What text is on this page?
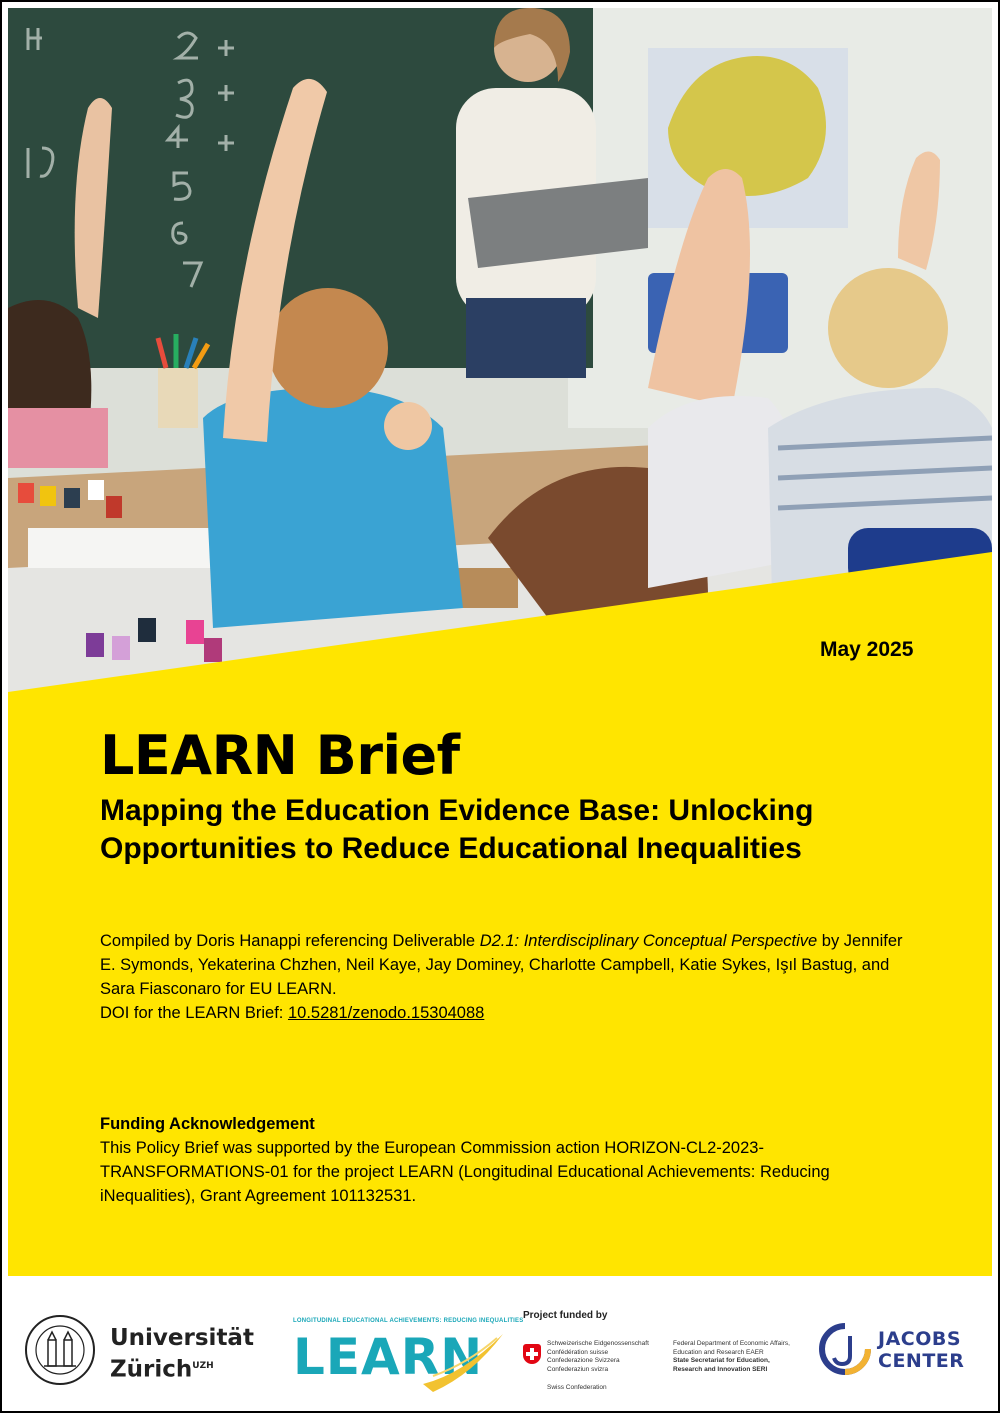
May 2025
LEARN Brief
Mapping the Education Evidence Base: Unlocking Opportunities to Reduce Educational Inequalities
Compiled by Doris Hanappi referencing Deliverable D2.1: Interdisciplinary Conceptual Perspective by Jennifer E. Symonds, Yekaterina Chzhen, Neil Kaye, Jay Dominey, Charlotte Campbell, Katie Sykes, Işıl Bastug, and Sara Fiasconaro for EU LEARN.
DOI for the LEARN Brief: 10.5281/zenodo.15304088
Funding Acknowledgement
This Policy Brief was supported by the European Commission action HORIZON-CL2-2023-TRANSFORMATIONS-01 for the project LEARN (Longitudinal Educational Achievements: Reducing iNequalities), Grant Agreement 101132531.
Universität
Zürich$^{UZH}$
LONGITUDINAL EDUCATIONAL ACHIEVEMENTS: REDUCING INEQUALITIES
LEARN
Project funded by
Schweizerische Eidgenossenschaft
Confédération suisse
Confederazione Svizzera
Confederaziun svizra
Swiss Confederation
Federal Department of Economic Affairs,
Education and Research EAER
State Secretariat for Education,
Research and Innovation SERI
JACOBS
CENTER
